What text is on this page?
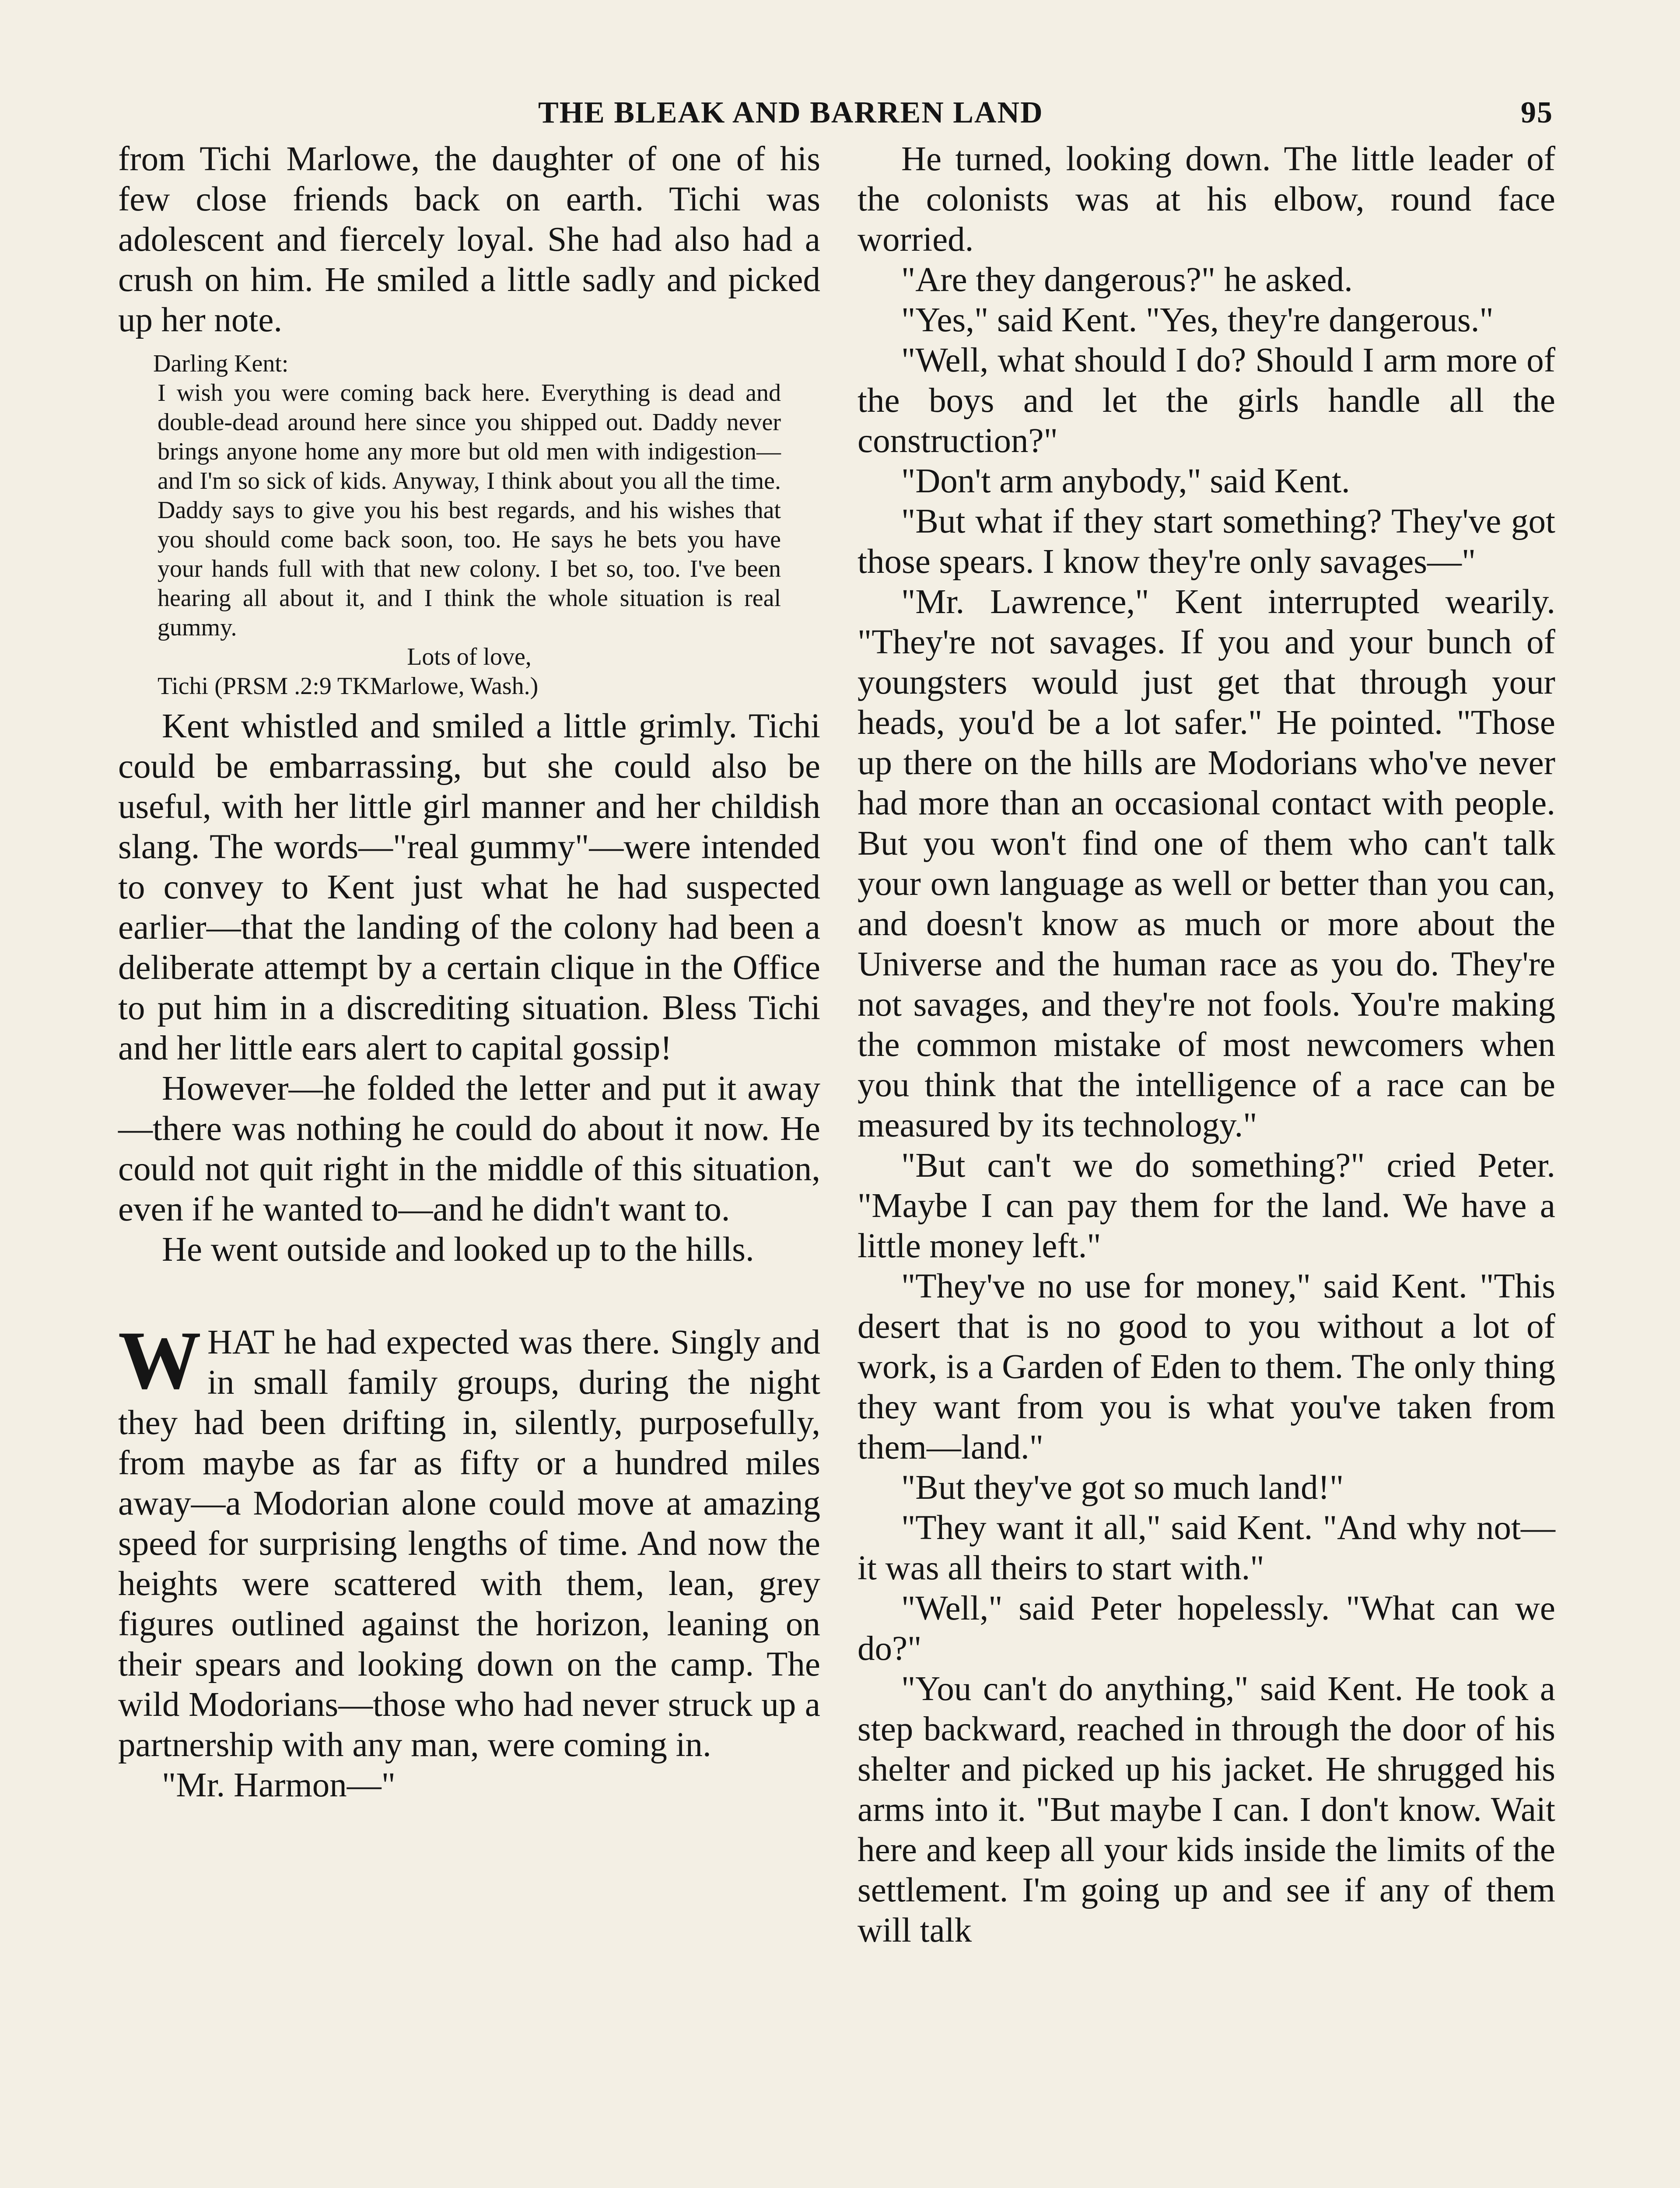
THE BLEAK AND BARREN LAND	95

from Tichi Marlowe, the daughter of one of his few close friends back on earth. Tichi was adolescent and fiercely loyal. She had also had a crush on him. He smiled a little sadly and picked up her note.

Darling Kent:
I wish you were coming back here. Everything is dead and double-dead around here since you shipped out. Daddy never brings anyone home any more but old men with indigestion—and I'm so sick of kids. Anyway, I think about you all the time. Daddy says to give you his best regards, and his wishes that you should come back soon, too. He says he bets you have your hands full with that new colony. I bet so, too. I've been hearing all about it, and I think the whole situation is real gummy.
Lots of love,
Tichi (PRSM .2:9 TKMarlowe, Wash.)

Kent whistled and smiled a little grimly. Tichi could be embarrassing, but she could also be useful, with her little girl manner and her childish slang. The words—"real gummy"—were intended to convey to Kent just what he had suspected earlier—that the landing of the colony had been a deliberate attempt by a certain clique in the Office to put him in a discrediting situation. Bless Tichi and her little ears alert to capital gossip!

However—he folded the letter and put it away—there was nothing he could do about it now. He could not quit right in the middle of this situation, even if he wanted to—and he didn't want to.

He went outside and looked up to the hills.

WHAT he had expected was there. Singly and in small family groups, during the night they had been drifting in, silently, purposefully, from maybe as far as fifty or a hundred miles away—a Modorian alone could move at amazing speed for surprising lengths of time. And now the heights were scattered with them, lean, grey figures outlined against the horizon, leaning on their spears and looking down on the camp. The wild Modorians—those who had never struck up a partnership with any man, were coming in.

"Mr. Harmon—"

He turned, looking down. The little leader of the colonists was at his elbow, round face worried.

"Are they dangerous?" he asked.

"Yes," said Kent. "Yes, they're dangerous."

"Well, what should I do? Should I arm more of the boys and let the girls handle all the construction?"

"Don't arm anybody," said Kent.

"But what if they start something? They've got those spears. I know they're only savages—"

"Mr. Lawrence," Kent interrupted wearily. "They're not savages. If you and your bunch of youngsters would just get that through your heads, you'd be a lot safer." He pointed. "Those up there on the hills are Modorians who've never had more than an occasional contact with people. But you won't find one of them who can't talk your own language as well or better than you can, and doesn't know as much or more about the Universe and the human race as you do. They're not savages, and they're not fools. You're making the common mistake of most newcomers when you think that the intelligence of a race can be measured by its technology."

"But can't we do something?" cried Peter. "Maybe I can pay them for the land. We have a little money left."

"They've no use for money," said Kent. "This desert that is no good to you without a lot of work, is a Garden of Eden to them. The only thing they want from you is what you've taken from them—land."

"But they've got so much land!"

"They want it all," said Kent. "And why not—it was all theirs to start with."

"Well," said Peter hopelessly. "What can we do?"

"You can't do anything," said Kent. He took a step backward, reached in through the door of his shelter and picked up his jacket. He shrugged his arms into it. "But maybe I can. I don't know. Wait here and keep all your kids inside the limits of the settlement. I'm going up and see if any of them will talk
